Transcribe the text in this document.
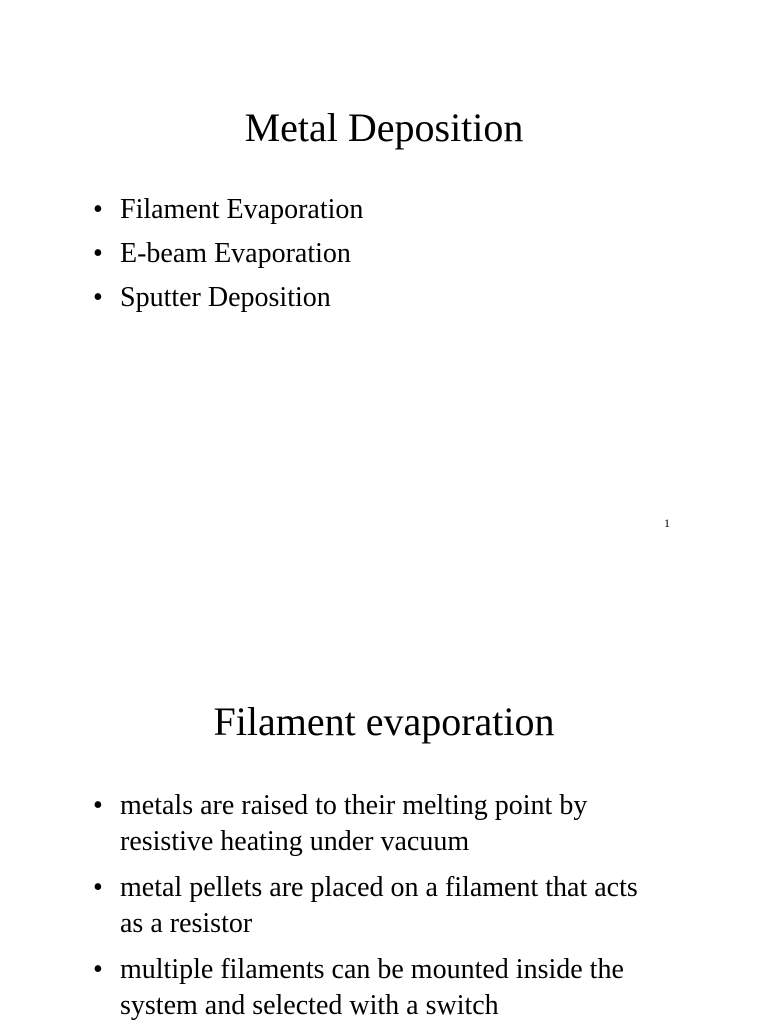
Metal Deposition
• Filament Evaporation
• E-beam Evaporation
• Sputter Deposition
1
Filament evaporation
• metals are raised to their melting point by resistive heating under vacuum
• metal pellets are placed on a filament that acts as a resistor
• multiple filaments can be mounted inside the system and selected with a switch
